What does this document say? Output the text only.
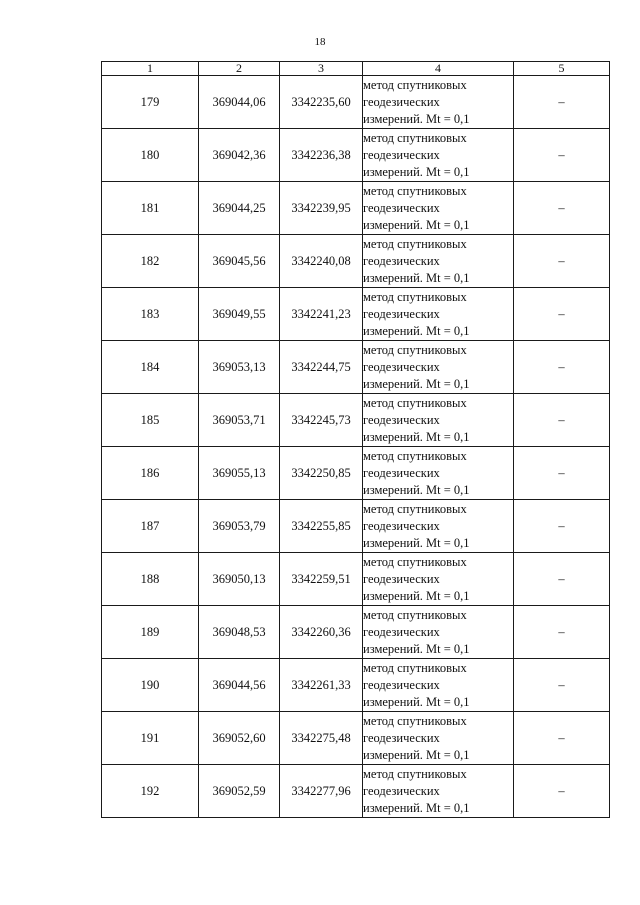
18
1	2	3	4	5
179	369044,06	3342235,60	метод спутниковых
геодезических
измерений. Mt = 0,1	–
180	369042,36	3342236,38	метод спутниковых
геодезических
измерений. Mt = 0,1	–
181	369044,25	3342239,95	метод спутниковых
геодезических
измерений. Mt = 0,1	–
182	369045,56	3342240,08	метод спутниковых
геодезических
измерений. Mt = 0,1	–
183	369049,55	3342241,23	метод спутниковых
геодезических
измерений. Mt = 0,1	–
184	369053,13	3342244,75	метод спутниковых
геодезических
измерений. Mt = 0,1	–
185	369053,71	3342245,73	метод спутниковых
геодезических
измерений. Mt = 0,1	–
186	369055,13	3342250,85	метод спутниковых
геодезических
измерений. Mt = 0,1	–
187	369053,79	3342255,85	метод спутниковых
геодезических
измерений. Mt = 0,1	–
188	369050,13	3342259,51	метод спутниковых
геодезических
измерений. Mt = 0,1	–
189	369048,53	3342260,36	метод спутниковых
геодезических
измерений. Mt = 0,1	–
190	369044,56	3342261,33	метод спутниковых
геодезических
измерений. Mt = 0,1	–
191	369052,60	3342275,48	метод спутниковых
геодезических
измерений. Mt = 0,1	–
192	369052,59	3342277,96	метод спутниковых
геодезических
измерений. Mt = 0,1	–
